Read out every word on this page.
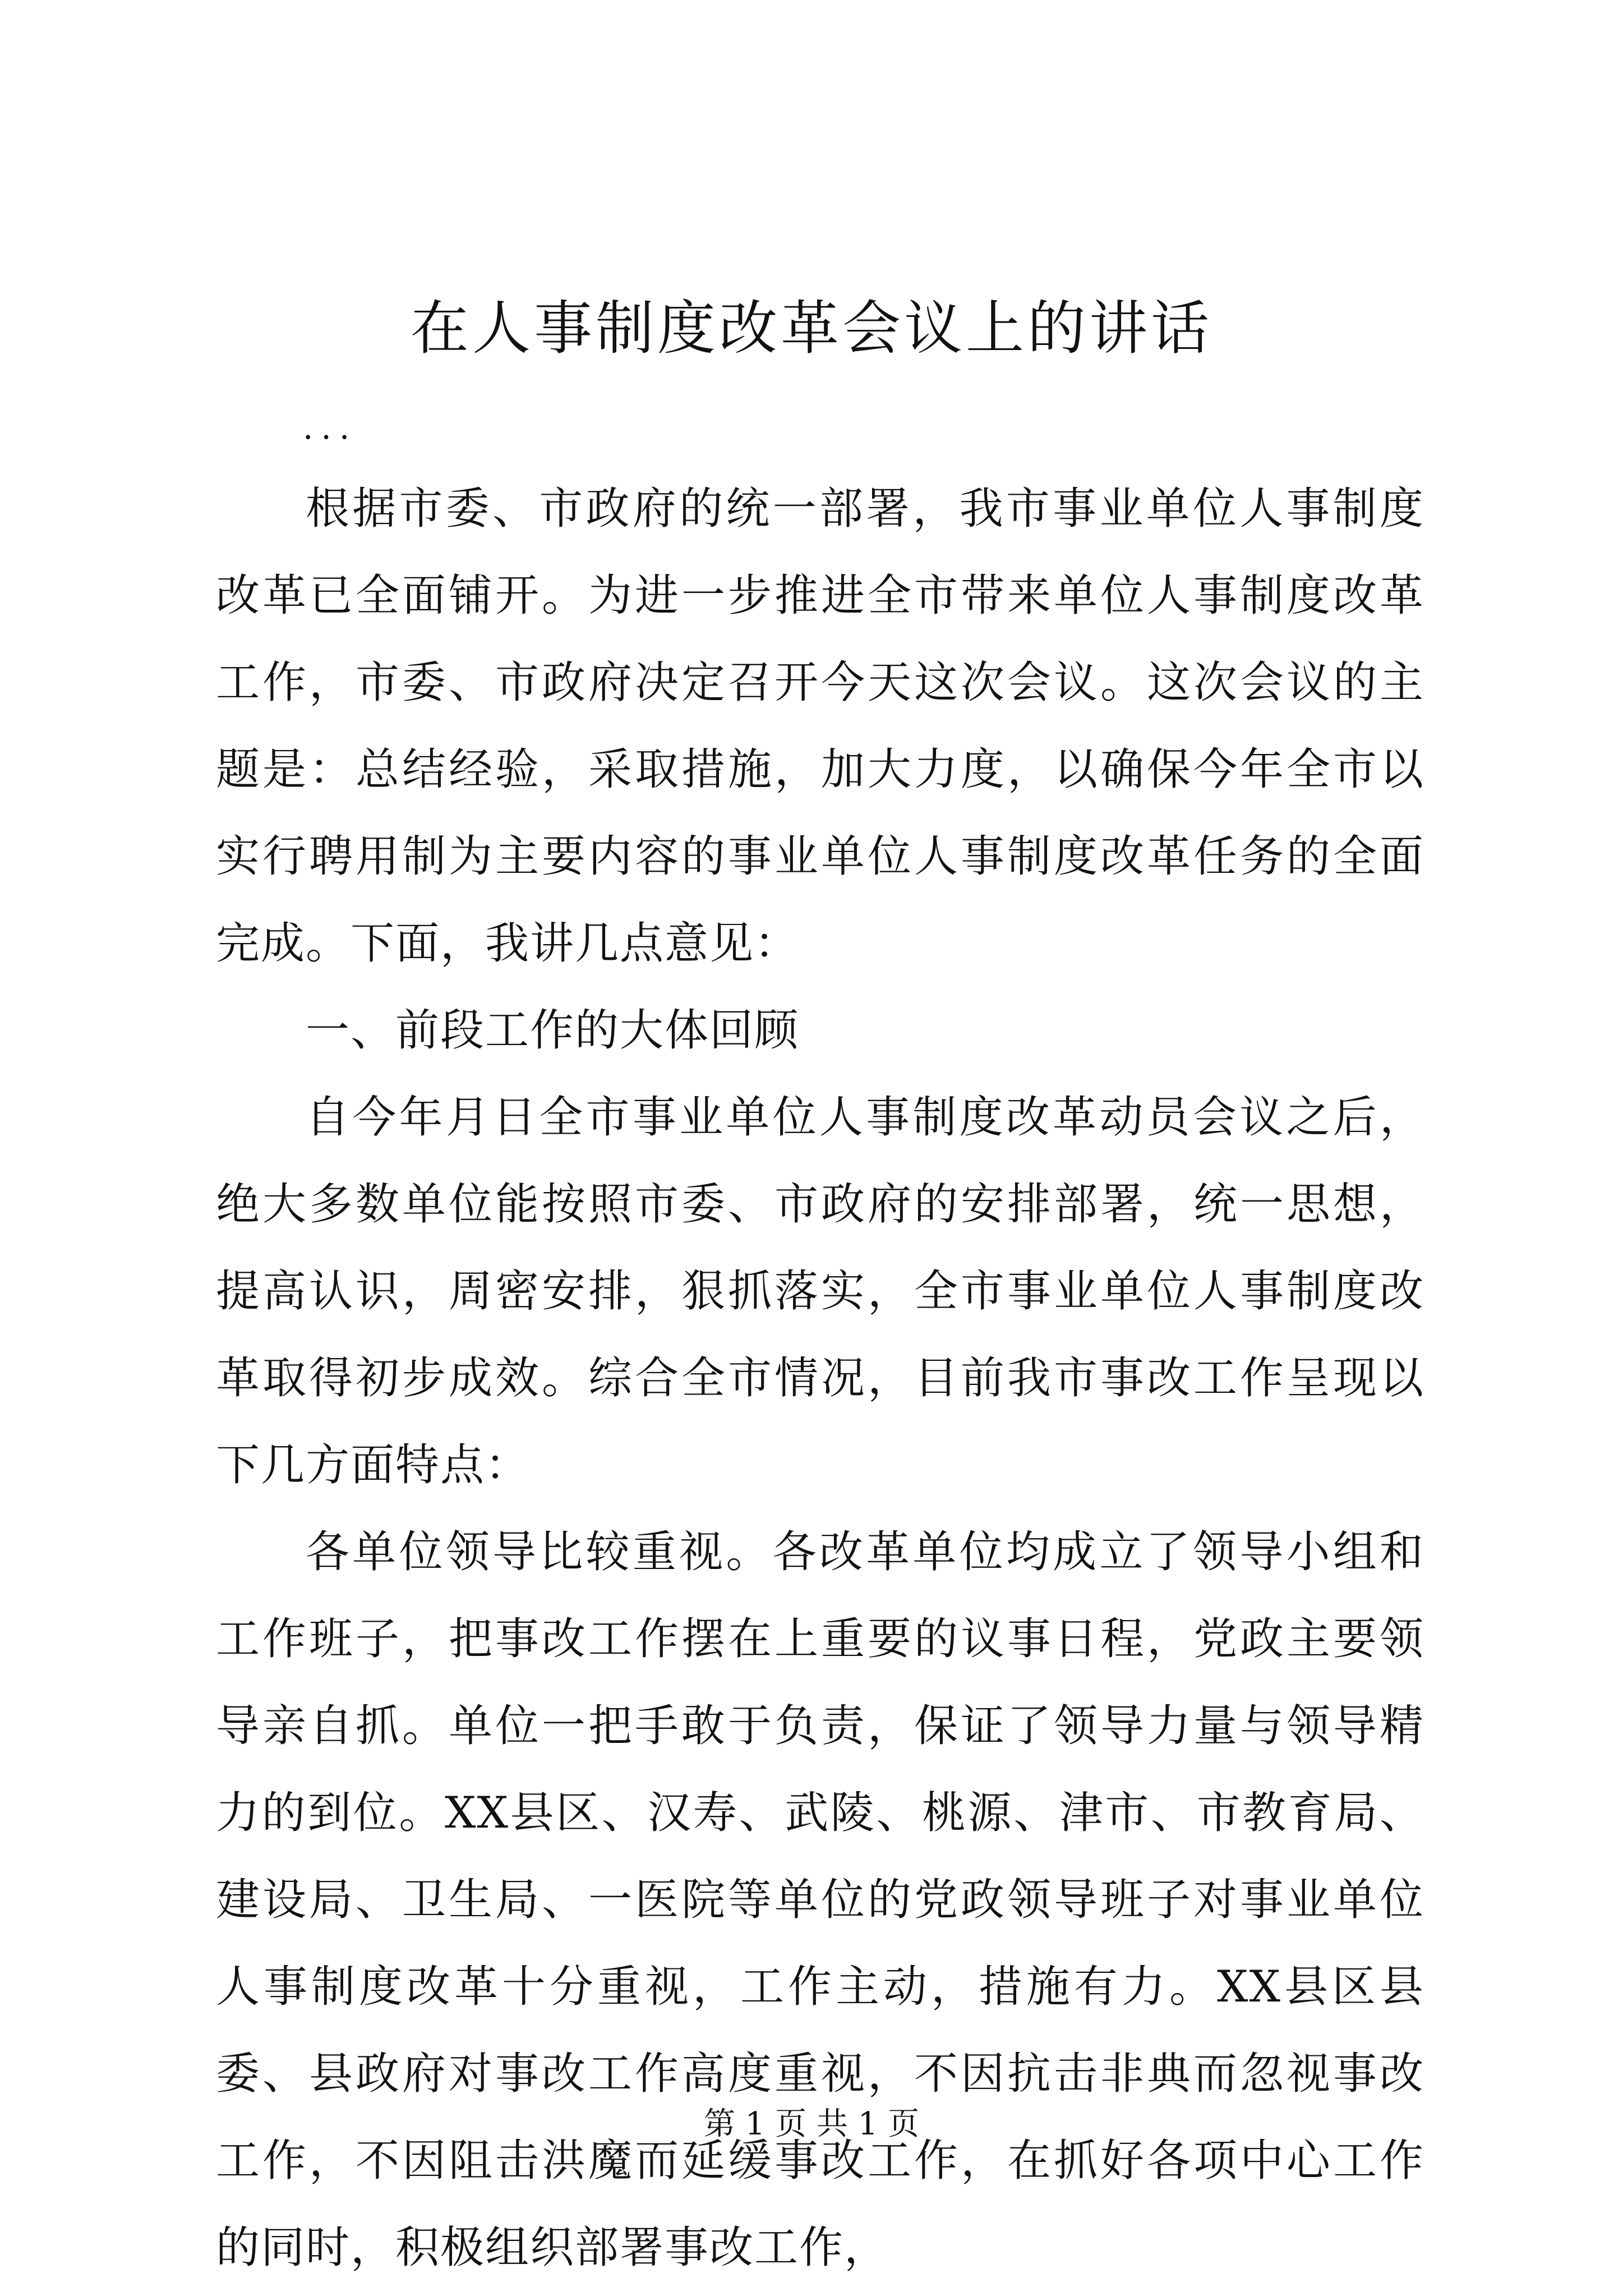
在人事制度改革会议上的讲话

...

根据市委、市政府的统一部署，我市事业单位人事制度改革已全面铺开。为进一步推进全市带来单位人事制度改革工作，市委、市政府决定召开今天这次会议。这次会议的主题是：总结经验，采取措施，加大力度，以确保今年全市以实行聘用制为主要内容的事业单位人事制度改革任务的全面完成。下面，我讲几点意见：

一、前段工作的大体回顾

自今年月日全市事业单位人事制度改革动员会议之后，绝大多数单位能按照市委、市政府的安排部署，统一思想，提高认识，周密安排，狠抓落实，全市事业单位人事制度改革取得初步成效。综合全市情况，目前我市事改工作呈现以下几方面特点：

各单位领导比较重视。各改革单位均成立了领导小组和工作班子，把事改工作摆在上重要的议事日程，党政主要领导亲自抓。单位一把手敢于负责，保证了领导力量与领导精力的到位。XX县区、汉寿、武陵、桃源、津市、市教育局、建设局、卫生局、一医院等单位的党政领导班子对事业单位人事制度改革十分重视，工作主动，措施有力。XX县区县委、县政府对事改工作高度重视，不因抗击非典而忽视事改工作，不因阻击洪魔而延缓事改工作，在抓好各项中心工作的同时，积极组织部署事改工作，

第 1 页 共 1 页
